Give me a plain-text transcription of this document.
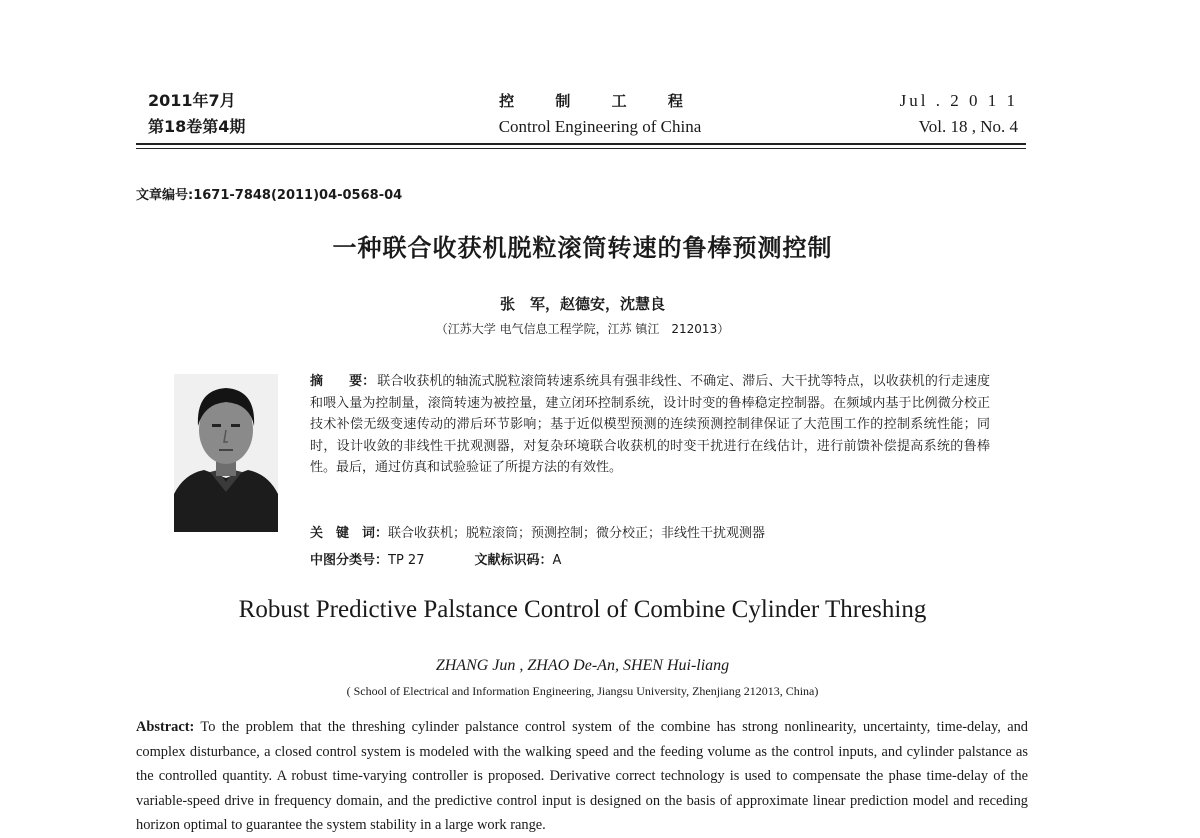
2011年7月
第18卷第4期
控 制 工 程
Control Engineering of China
Jul . 2 0 1 1
Vol. 18 , No. 4
文章编号:1671-7848(2011)04-0568-04
一种联合收获机脱粒滚筒转速的鲁棒预测控制
张　军，赵德安，沈慧良
（江苏大学 电气信息工程学院，江苏 镇江　212013）
摘　　要： 联合收获机的轴流式脱粒滚筒转速系统具有强非线性、不确定、滞后、大干扰等特点，以收获机的行走速度和喂入量为控制量，滚筒转速为被控量，建立闭环控制系统，设计时变的鲁棒稳定控制器。在频域内基于比例微分校正技术补偿无级变速传动的滞后环节影响；基于近似模型预测的连续预测控制律保证了大范围工作的控制系统性能；同时，设计收敛的非线性干扰观测器，对复杂环境联合收获机的时变干扰进行在线估计，进行前馈补偿提高系统的鲁棒性。最后，通过仿真和试验验证了所提方法的有效性。
关　键　词：联合收获机；脱粒滚筒；预测控制；微分校正；非线性干扰观测器
中图分类号：TP 27	文献标识码：A
Robust Predictive Palstance Control of Combine Cylinder Threshing
ZHANG Jun , ZHAO De-An, SHEN Hui-liang
( School of Electrical and Information Engineering, Jiangsu University, Zhenjiang 212013, China)
Abstract: To the problem that the threshing cylinder palstance control system of the combine has strong nonlinearity, uncertainty, time-delay, and complex disturbance, a closed control system is modeled with the walking speed and the feeding volume as the control inputs, and cylinder palstance as the controlled quantity. A robust time-varying controller is proposed. Derivative correct technology is used to compensate the phase time-delay of the variable-speed drive in frequency domain, and the predictive control input is designed on the basis of approximate linear prediction model and receding horizon optimal to guarantee the system stability in a large work range.
